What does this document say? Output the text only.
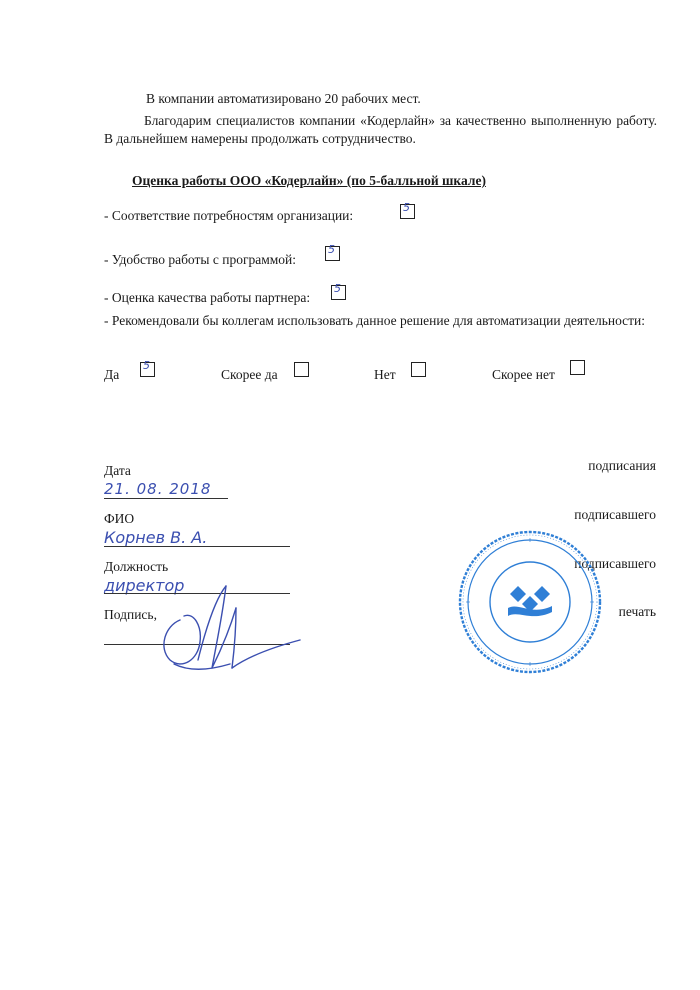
В компании автоматизировано 20 рабочих мест.
Благодарим специалистов компании «Кодерлайн» за качественно выполненную работу. В дальнейшем намерены продолжать сотрудничество.
Оценка работы ООО «Кодерлайн» (по 5-балльной шкале)
- Соответствие потребностям организации:
5
- Удобство работы с программой:
5
- Оценка качества работы партнера:
5
- Рекомендовали бы коллегам использовать данное решение для автоматизации деятельности:
Да
5
Скорее да	Нет	Скорее нет
Дата	подписания
21. 08. 2018
ФИО	подписавшего
Корнев В. А.
Должность	подписавшего
директор
Подпись,	печать
